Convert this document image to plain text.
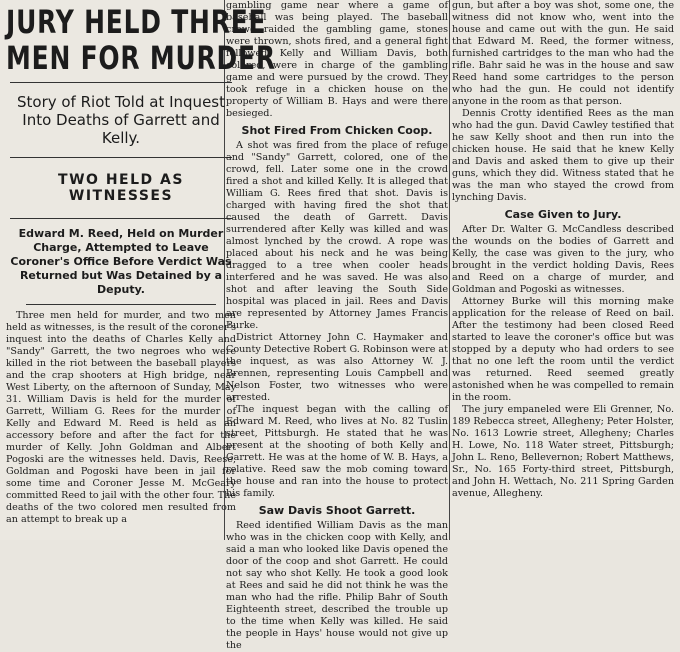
JURY HELD THREE
MEN FOR MURDER
Story of Riot Told at Inquest Into Deaths of Garrett and Kelly.
TWO HELD AS WITNESSES
Edward M. Reed, Held on Murder Charge, Attempted to Leave Coroner's Office Before Verdict Was Returned but Was Detained by a Deputy.

Three men held for murder, and two men held as witnesses, is the result of the coroner's inquest into the deaths of Charles Kelly and "Sandy" Garrett, the two negroes who were killed in the riot between the baseball players and the crap shooters at High bridge, near West Liberty, on the afternoon of Sunday, May 31. William Davis is held for the murder of Garrett, William G. Rees for the murder of Kelly and Edward M. Reed is held as an accessory before and after the fact for the murder of Kelly. John Goldman and Albert Pogoski are the witnesses held. Davis, Reese, Goldman and Pogoski have been in jail for some time and Coroner Jesse M. McGeary committed Reed to jail with the other four. The deaths of the two colored men resulted from an attempt to break up a

gambling game near where a game of baseball was being played. The baseball crowd raided the gambling game, stones were thrown, shots fired, and a general fight followed. Kelly and William Davis, both colored, were in charge of the gambling game and were pursued by the crowd. They took refuge in a chicken house on the property of William B. Hays and were there besieged.

Shot Fired From Chicken Coop.

A shot was fired from the place of refuge and "Sandy" Garrett, colored, one of the crowd, fell. Later some one in the crowd fired a shot and killed Kelly. It is alleged that William G. Rees fired that shot. Davis is charged with having fired the shot that caused the death of Garrett. Davis surrendered after Kelly was killed and was almost lynched by the crowd. A rope was placed about his neck and he was being dragged to a tree when cooler heads interfered and he was saved. He was also shot and after leaving the South Side hospital was placed in jail. Rees and Davis are represented by Attorney James Francis Burke.

District Attorney John C. Haymaker and County Detective Robert G. Robinson were at the inquest, as was also Attorney W. J. Brennen, representing Louis Campbell and Nelson Foster, two witnesses who were arrested.

The inquest began with the calling of Edward M. Reed, who lives at No. 82 Tuslin street, Pittsburgh. He stated that he was present at the shooting of both Kelly and Garrett. He was at the home of W. B. Hays, a relative. Reed saw the mob coming toward the house and ran into the house to protect his family.

Saw Davis Shoot Garrett.

Reed identified William Davis as the man who was in the chicken coop with Kelly, and said a man who looked like Davis opened the door of the coop and shot Garrett. He could not say who shot Kelly. He took a good look at Rees and said he did not think he was the man who had the rifle. Philip Bahr of South Eighteenth street, described the trouble up to the time when Kelly was killed. He said the people in Hays' house would not give up the

gun, but after a boy was shot, some one, the witness did not know who, went into the house and came out with the gun. He said that Edward M. Reed, the former witness, furnished cartridges to the man who had the rifle. Bahr said he was in the house and saw Reed hand some cartridges to the person who had the gun. He could not identify anyone in the room as that person.

Dennis Crotty identified Rees as the man who had the gun. David Cawley testified that he saw Kelly shoot and then run into the chicken house. He said that he knew Kelly and Davis and asked them to give up their guns, which they did. Witness stated that he was the man who stayed the crowd from lynching Davis.

Case Given to Jury.

After Dr. Walter G. McCandless described the wounds on the bodies of Garrett and Kelly, the case was given to the jury, who brought in the verdict holding Davis, Rees and Reed on a charge of murder, and Goldman and Pogoski as witnesses.

Attorney Burke will this morning make application for the release of Reed on bail. After the testimony had been closed Reed started to leave the coroner's office but was stopped by a deputy who had orders to see that no one left the room until the verdict was returned. Reed seemed greatly astonished when he was compelled to remain in the room.

The jury empaneled were Eli Grenner, No. 189 Rebecca street, Allegheny; Peter Holster, No. 1613 Lowrie street, Allegheny; Charles H. Lowe, No. 118 Water street, Pittsburgh; John L. Reno, Bellevernon; Robert Matthews, Sr., No. 165 Forty-third street, Pittsburgh, and John H. Wettach, No. 211 Spring Garden avenue, Allegheny.
